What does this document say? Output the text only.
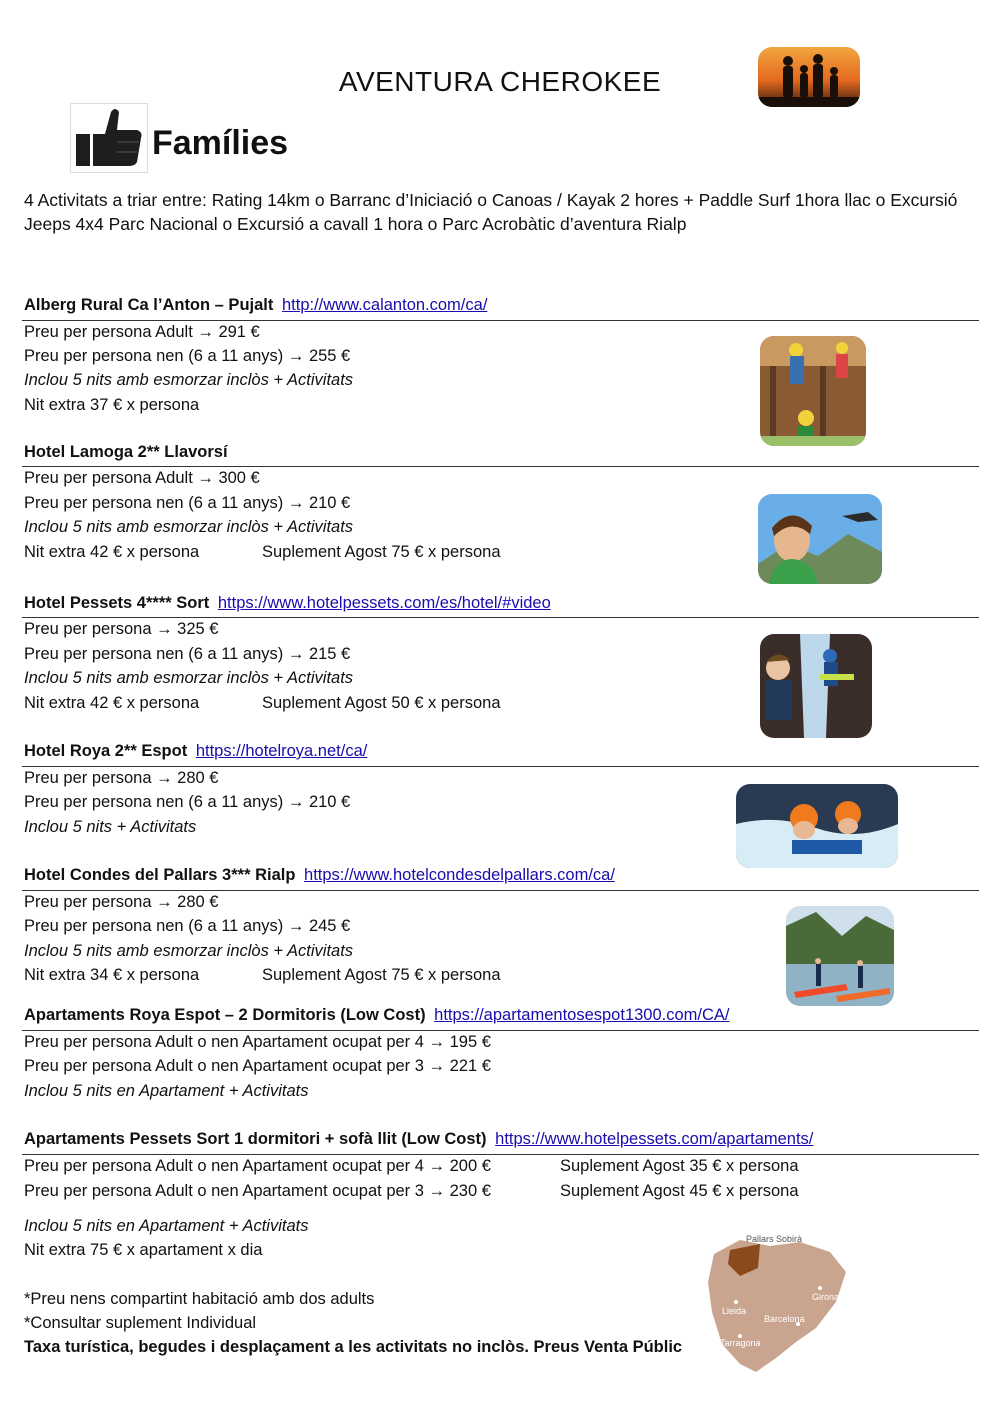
AVENTURA CHEROKEE
Famílies
4 Activitats a triar entre: Rating 14km o Barranc d’Iniciació o Canoas / Kayak 2 hores + Paddle Surf 1hora llac o Excursió Jeeps 4x4 Parc Nacional o Excursió a cavall 1 hora o Parc Acrobàtic d’aventura Rialp
Alberg Rural Ca l’Anton – Pujalt http://www.calanton.com/ca/
Preu per persona Adult → 291 €
Preu per persona nen (6 a 11 anys) → 255 €
Inclou 5 nits amb esmorzar inclòs + Activitats
Nit extra 37 € x persona
Hotel Lamoga 2** Llavorsí
Preu per persona Adult → 300 €
Preu per persona nen (6 a 11 anys) → 210 €
Inclou 5 nits amb esmorzar inclòs + Activitats
Nit extra 42 € x persona	Suplement Agost 75 € x persona
Hotel Pessets 4**** Sort https://www.hotelpessets.com/es/hotel/#video
Preu per persona → 325 €
Preu per persona nen (6 a 11 anys) → 215 €
Inclou 5 nits amb esmorzar inclòs + Activitats
Nit extra 42 € x persona	Suplement Agost 50 € x persona
Hotel Roya 2** Espot https://hotelroya.net/ca/
Preu per persona → 280 €
Preu per persona nen (6 a 11 anys) → 210 €
Inclou 5 nits + Activitats
Hotel Condes del Pallars 3*** Rialp https://www.hotelcondesdelpallars.com/ca/
Preu per persona → 280 €
Preu per persona nen (6 a 11 anys) → 245 €
Inclou 5 nits amb esmorzar inclòs + Activitats
Nit extra 34 € x persona	Suplement Agost 75 € x persona
Apartaments Roya Espot – 2 Dormitoris (Low Cost) https://apartamentosespot1300.com/CA/
Preu per persona Adult o nen Apartament ocupat per 4 → 195 €
Preu per persona Adult o nen Apartament ocupat per 3 → 221 €
Inclou 5 nits en Apartament + Activitats
Apartaments Pessets Sort 1 dormitori + sofà llit (Low Cost) https://www.hotelpessets.com/apartaments/
Preu per persona Adult o nen Apartament ocupat per 4 → 200 €	Suplement Agost 35 € x persona
Preu per persona Adult o nen Apartament ocupat per 3 → 230 €	Suplement Agost 45 € x persona
Inclou 5 nits en Apartament + Activitats
Nit extra 75 € x apartament x dia
*Preu nens compartint habitació amb dos adults
*Consultar suplement Individual
Taxa turística, begudes i desplaçament a les activitats no inclòs. Preus Venta Públic
Pallars Sobirà
Girona
Lleida
Barcelona
Tarragona
